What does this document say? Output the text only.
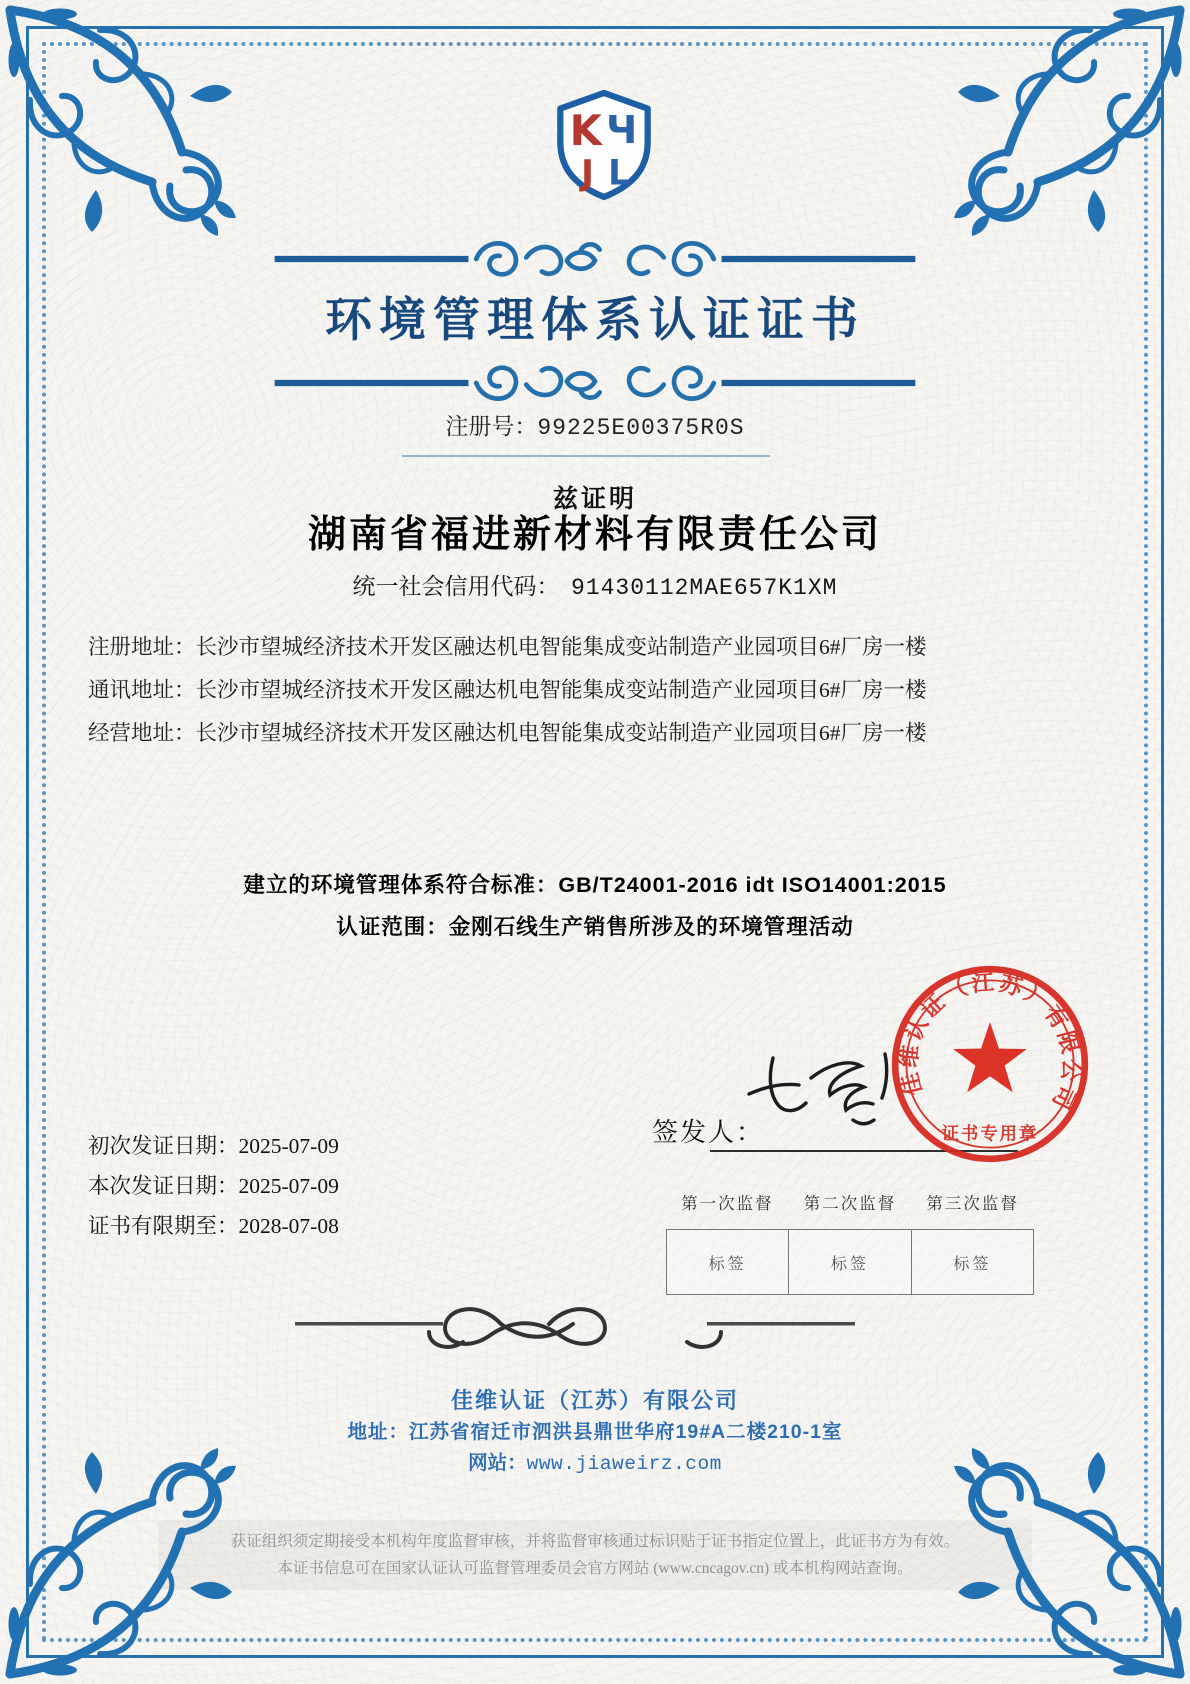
K Ч
J L
环境管理体系认证证书
注册号：99225E00375R0S
兹证明
湖南省福进新材料有限责任公司
统一社会信用代码： 91430112MAE657K1XM
注册地址：长沙市望城经济技术开发区融达机电智能集成变站制造产业园项目6#厂房一楼
通讯地址：长沙市望城经济技术开发区融达机电智能集成变站制造产业园项目6#厂房一楼
经营地址：长沙市望城经济技术开发区融达机电智能集成变站制造产业园项目6#厂房一楼
建立的环境管理体系符合标准：GB/T24001-2016 idt ISO14001:2015
认证范围：金刚石线生产销售所涉及的环境管理活动
佳维认证（江苏）有限公司
证书专用章
签发人：
初次发证日期：2025-07-09
本次发证日期：2025-07-09
证书有限期至：2028-07-08
第一次监督	第二次监督	第三次监督
标签	标签	标签
佳维认证（江苏）有限公司
地址：江苏省宿迁市泗洪县鼎世华府19#A二楼210-1室
网站：www.jiaweirz.com
获证组织须定期接受本机构年度监督审核，并将监督审核通过标识贴于证书指定位置上，此证书方为有效。
本证书信息可在国家认证认可监督管理委员会官方网站 (www.cncagov.cn) 或本机构网站查询。
